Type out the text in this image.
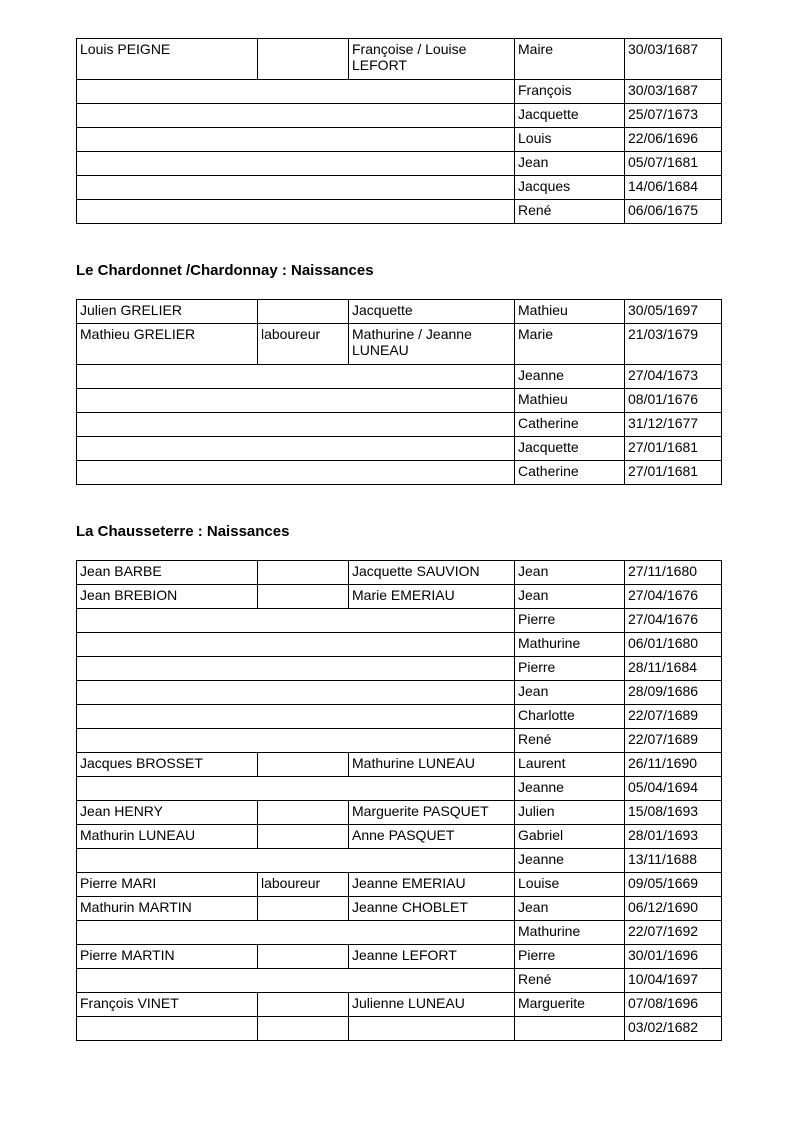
Louis PEIGNE		Françoise / Louise LEFORT	Maire	30/03/1687
			François	30/03/1687
			Jacquette	25/07/1673
			Louis	22/06/1696
			Jean	05/07/1681
			Jacques	14/06/1684
			René	06/06/1675
Le Chardonnet /Chardonnay : Naissances
Julien GRELIER		Jacquette	Mathieu	30/05/1697
Mathieu GRELIER	laboureur	Mathurine / Jeanne LUNEAU	Marie	21/03/1679
			Jeanne	27/04/1673
			Mathieu	08/01/1676
			Catherine	31/12/1677
			Jacquette	27/01/1681
			Catherine	27/01/1681
La Chausseterre : Naissances
Jean BARBE		Jacquette SAUVION	Jean	27/11/1680
Jean BREBION		Marie EMERIAU	Jean	27/04/1676
			Pierre	27/04/1676
			Mathurine	06/01/1680
			Pierre	28/11/1684
			Jean	28/09/1686
			Charlotte	22/07/1689
			René	22/07/1689
Jacques BROSSET		Mathurine LUNEAU	Laurent	26/11/1690
			Jeanne	05/04/1694
Jean HENRY		Marguerite PASQUET	Julien	15/08/1693
Mathurin LUNEAU		Anne PASQUET	Gabriel	28/01/1693
			Jeanne	13/11/1688
Pierre MARI	laboureur	Jeanne EMERIAU	Louise	09/05/1669
Mathurin MARTIN		Jeanne CHOBLET	Jean	06/12/1690
			Mathurine	22/07/1692
Pierre MARTIN		Jeanne LEFORT	Pierre	30/01/1696
			René	10/04/1697
François VINET		Julienne LUNEAU	Marguerite	07/08/1696
				03/02/1682
